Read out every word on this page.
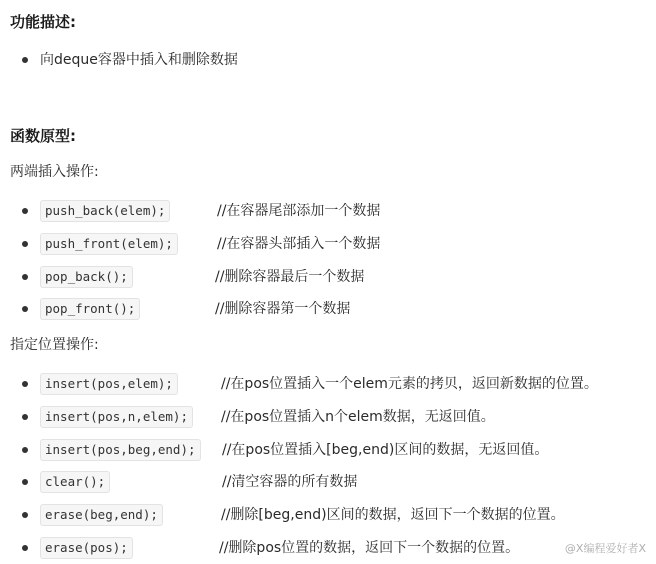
功能描述:
向deque容器中插入和删除数据
函数原型:
两端插入操作:
push_back(elem);	//在容器尾部添加一个数据
push_front(elem);	//在容器头部插入一个数据
pop_back();	//删除容器最后一个数据
pop_front();	//删除容器第一个数据
指定位置操作:
insert(pos,elem);	//在pos位置插入一个elem元素的拷贝，返回新数据的位置。
insert(pos,n,elem);	//在pos位置插入n个elem数据，无返回值。
insert(pos,beg,end);	//在pos位置插入[beg,end)区间的数据，无返回值。
clear();	//清空容器的所有数据
erase(beg,end);	//删除[beg,end)区间的数据，返回下一个数据的位置。
erase(pos);	//删除pos位置的数据，返回下一个数据的位置。	@X编程爱好者X
